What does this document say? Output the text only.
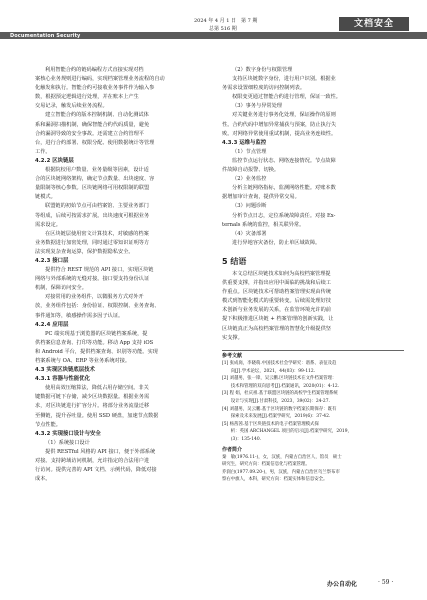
2024 年 4 月 1 日　第 7 期
总第 516 期	文档安全
Documentation Security
利用智能合约的链码编程方式直接实现对档
案核心业务规则进行编码，实现档案管理业务流程的自动
化触发和执行。智能合约可接收业务事件作为输入参
数，根据预定逻辑进行处理，并在账本上产生
交易记录，触发后续业务流程。
建立智能合约的版本控制机制、自动化测试体
系和漏洞扫描机制，确保智能合约代码质量，避免
合约漏洞导致的安全事故。还需建立合约管理平
台，进行合约部署、权限分配、使用数据统计等管理
工作。
4.2.2 区块链层
根据院校用户数量、业务量级等因素，设计适
合的区块链网络架构，确定节点数量、出块速度、容
量限制等核心参数。区块链网络可用权限制的联盟
链模式。
联盟链的初始节点可由档案馆、主要业务部门
等组成，后续可按需求扩展。出块速度可根据业务
需求设定。
在区块链层使用密文计算技术，对敏感的档案
业务数据进行加密处理，同时通过零知识证明等方
法实现复杂查询运算，保护数据隐私安全。
4.2.3 接口层
提供符合 REST 规范的 API 接口，实现区块链
网络与外部系统的无缝对接。接口要支持身份认证
机制，保障访问安全。
对接常用的业务组件，以微服务方式对外开
放，业务组件包括：身份验证、权限控制、业务查询、
事件通知等，敏感操作需多因子认证。
4.2.4 应用层
PC 端实现基于浏览器的区块链档案系统，提
供档案信息查询、打印等功能。移动 App 支持 iOS
和 Android 平台，提供档案查询、识别等功能。实现
档案系统与 OA、ERP 等业务系统对接。
4.3 实现区块链底层技术
4.3.1 容器与性能优化
使用高效压缩算法，降低占用存储空间。非关
键数据可链下存储，减少区块数据量。根据业务需
求，对区块链进行扩容分片。将部分业务流量迁移
至侧链，提升吞吐量。使用 SSD 硬盘，加速节点数据
节点性能。
4.3.2 实现接口设计与安全
（1）系统接口设计
提供 RESTful 风格的 API 接口，便于外部系统
对接。支持跨域访问机制，允许指定的合法用户进
行访问。提供完善的 API 文档、示例代码，降低对接
成本。
（2）数字身份与权限管理
支持区块链数字身份，进行用户识别。根据业
务需求设置细粒度的访问控制列表。
权限变更通过智能合约进行管理，保证一致性。
（3）事务与异常处理
对关键业务进行事务化处理，保证操作的原则
性。合约代码中增加异常捕获与预案，防止执行失
败。对网络异常使用重试机制，提高业务连续性。
4.3.3 运维与监控
（1）节点管理
监控节点运行状态、网络连接情况。节点故障
件故障自动报警、切换。
（2）业务监控
分析主链网络指标，监测网络性能。对账本数
据增加审计查询，提供异常交易。
（3）问题诊断
分析节点日志，定位系统故障责任。对接 Ex-
ternals 系统的监控，相关联异常。
（4）灾备部署
进行异地容灾备份，防止单区域故障。
5 结语
本文总结区块链技术如何为高校档案管理提
供重要支撑，并指出应用中面临的挑战和后续工
作重点。区块链技术可帮助档案管理实现由传统
模式到智能化模式的重要转变。后续需处理好技
术创新与业务发展的关系，在监管环境允许的前
提下积极推进区块链 + 档案管理的创新实践，让
区块链真正为高校档案管理的智慧化升级提供坚
实支撑。
参考文献
[1] 张成岗，李晓萌.中国技术社会学研究：谱系、表征及趋
　　向[J].学术论坛，2021，44(03)：99-112.
[2] 刘越男，张一锋，吴云鹏.区块链技术在文件档案管理：
　　技术和管理的双向思考[J].档案通讯，2020(01)：4-12.
[3] 程 娟，杜庆祖.基于联盟区块链的高校学生档案管理系统
　　设计与实现[J].甘肃科技，2023，39(02)：24-27.
[4] 刘越男，吴云鹏.基于区块链的数字档案长期保存：既有
　　探索及未来发展[J].档案学研究，2019(6)：37-42.
[5] 杨茜茜.基于区块链技术的电子档案管理模式探
　　析：英国 ARCHANGEL 项目的启示[J].档案学研究，2019，
　　(3)：135-140.
作者简介
秦　敏(1976.11-)，女，汉族，内蒙古自治区人，馆员　硕士
研究生，研究方向：档案信息化与档案管理。
乔润白(1977.09.20-)，男，汉族，内蒙古自治区乌兰察布市
察右中旗人，本科，研究方向：档案实体和信息安全。
办公自动化	· 59 ·
